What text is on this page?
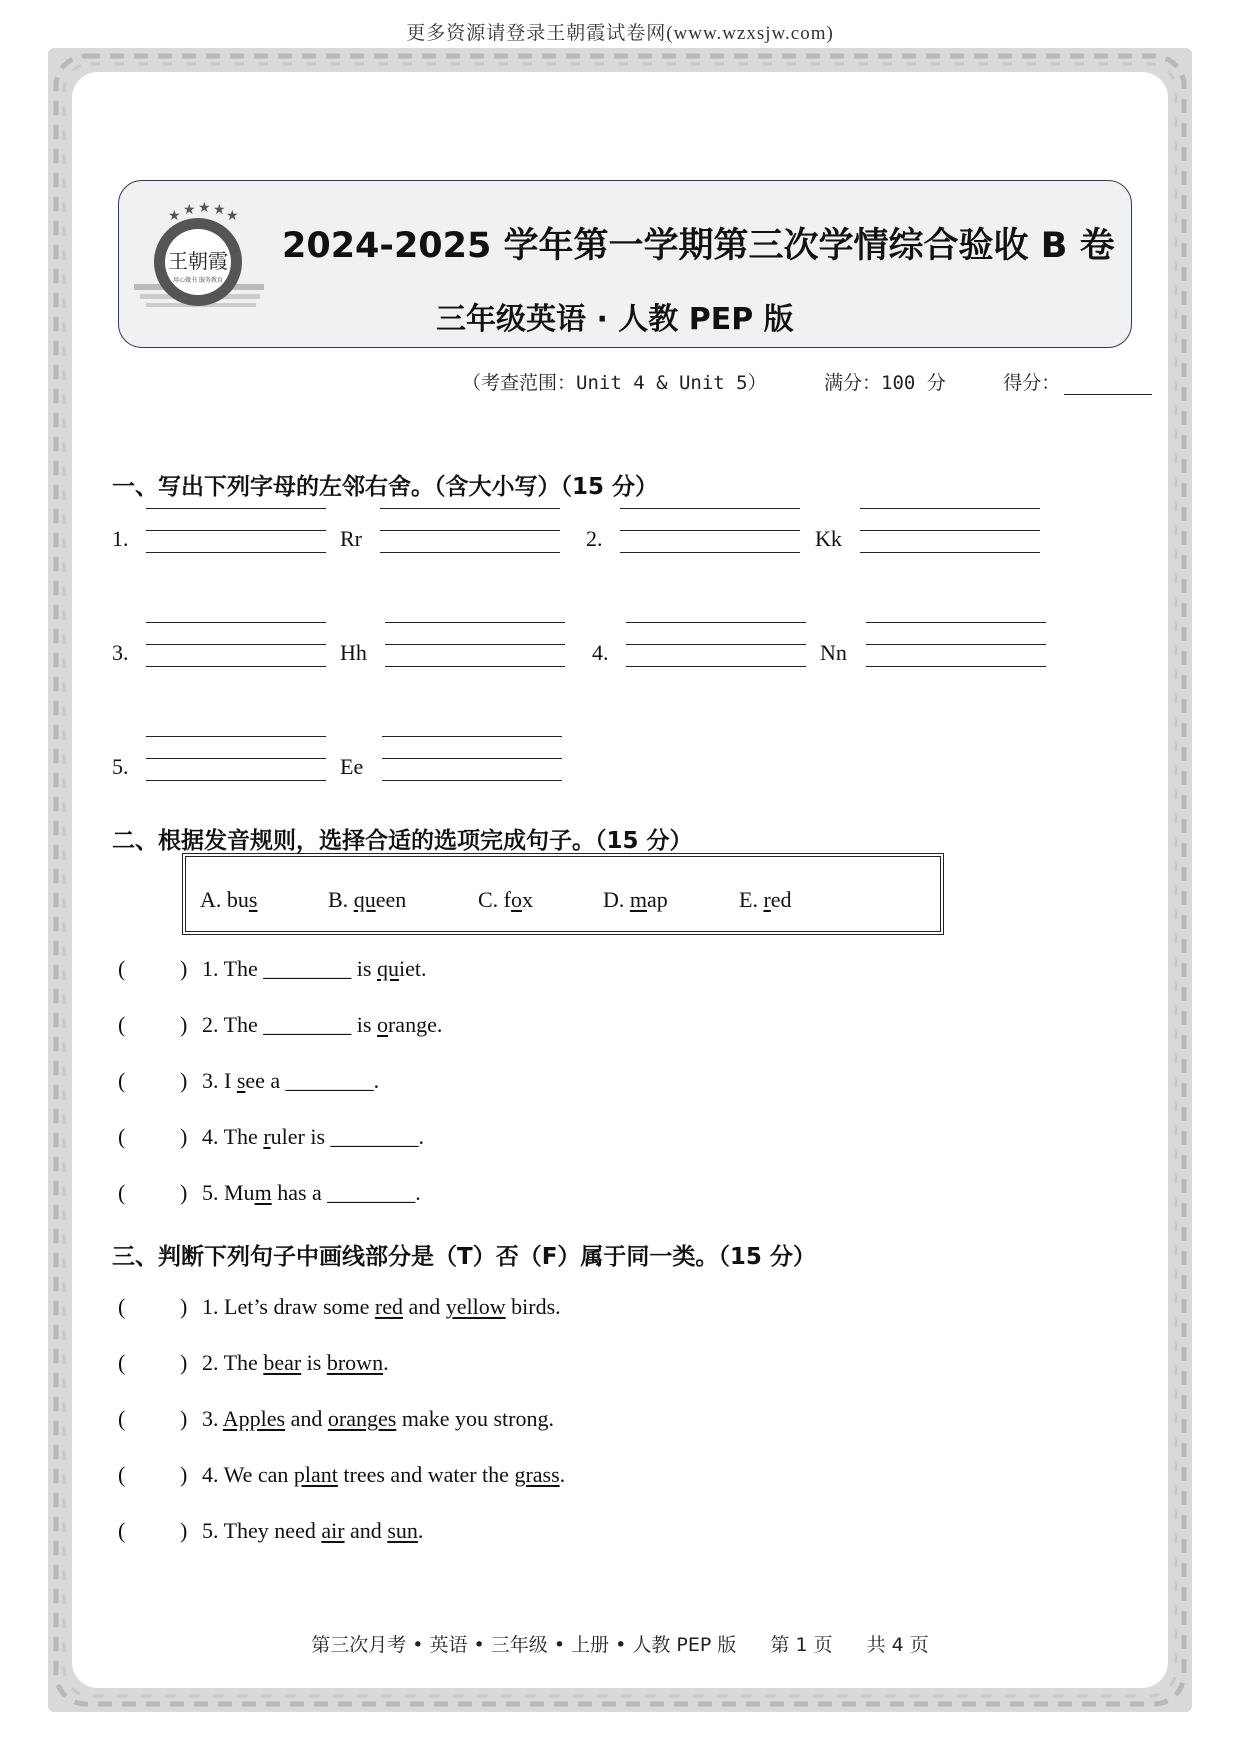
更多资源请登录王朝霞试卷网(www.wzxsjw.com)
★ ★ ★ ★ ★
王朝霞
用心做书 服务教育
2024-2025 学年第一学期第三次学情综合验收 B 卷
三年级英语 · 人教 PEP 版
（考查范围：Unit 4 & Unit 5）	满分：100 分	得分：
一、写出下列字母的左邻右舍。（含大小写）（15 分）
1.	Rr	2.	Kk
3.	Hh	4.	Nn
5.	Ee
二、根据发音规则，选择合适的选项完成句子。（15 分）
A. bus	B. queen	C. fox	D. map	E. red
( ) 1. The ________ is quiet.
( ) 2. The ________ is orange.
( ) 3. I see a ________.
( ) 4. The ruler is ________.
( ) 5. Mum has a ________.
三、判断下列句子中画线部分是（T）否（F）属于同一类。（15 分）
( ) 1. Let’s draw some red and yellow birds.
( ) 2. The bear is brown.
( ) 3. Apples and oranges make you strong.
( ) 4. We can plant trees and water the grass.
( ) 5. They need air and sun.
第三次月考 • 英语 • 三年级 • 上册 • 人教 PEP 版 第 1 页 共 4 页
